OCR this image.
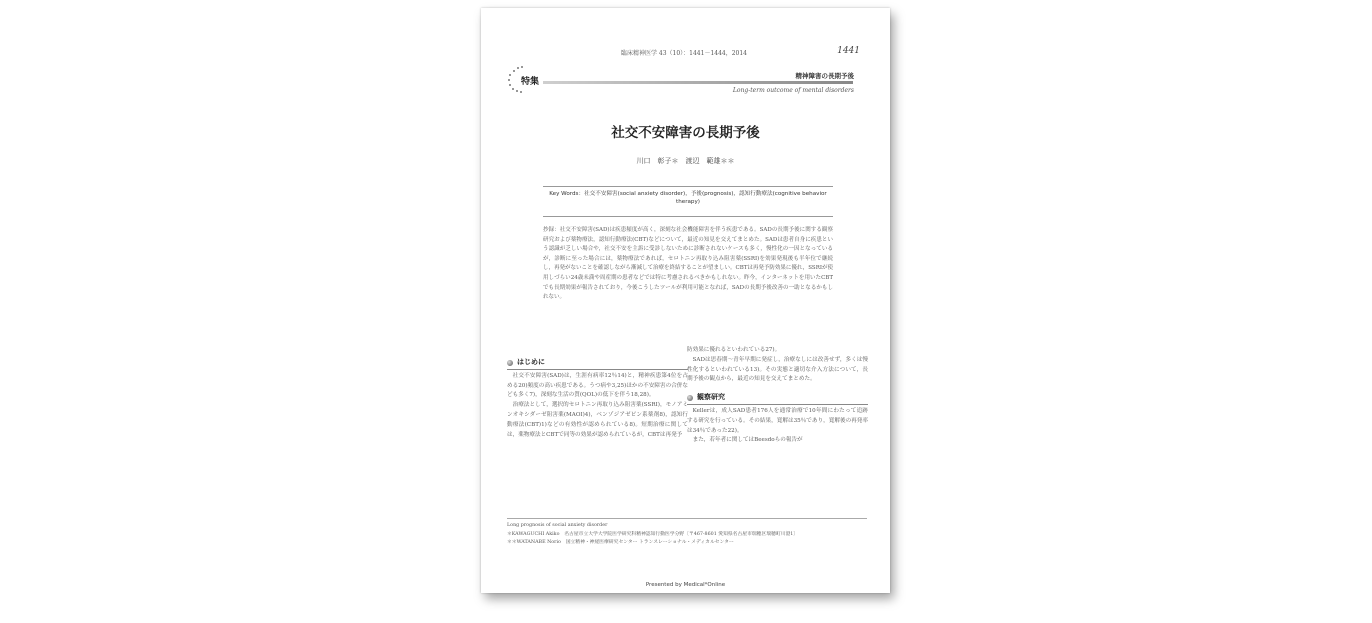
臨床精神医学 43（10）：1441－1444，2014	1441
特集
精神障害の長期予後
Long-term outcome of mental disorders
社交不安障害の長期予後
川口　彰子＊　渡辺　範雄＊＊
Key Words：社交不安障害(social anxiety disorder)，予後(prognosis)，認知行動療法(cognitive behavior therapy)
抄録：社交不安障害(SAD)は疾患頻度が高く，深刻な社会機能障害を伴う疾患である。SADの長期予後に関する観察研究および薬物療法，認知行動療法(CBT)などについて，最近の知見を交えてまとめた。SADは患者自身に疾患という認識が乏しい場合や，社交不安を主訴に受診しないために診断されないケースも多く，慢性化の一因となっているが，診断に至った場合には，薬物療法であれば，セロトニン再取り込み阻害薬(SSRI)を効果発現後も半年位で継続し，再発がないことを確認しながら漸減して治療を終結することが望ましい。CBTは再発予防効果に優れ，SSRIが使用しづらい24歳未満や周産期の患者などでは特に考慮されるべきかもしれない。昨今，インターネットを用いたCBTでも長期効果が報告されており，今後こうしたツールが利用可能となれば，SADの長期予後改善の一助となるかもしれない。
はじめに

社交不安障害(SAD)は，生涯有病率12％14)と，精神疾患第4位を占める20)頻度の高い疾患である。うつ病や3,25)ほかの不安障害の合併なども多く7)，深刻な生活の質(QOL)の低下を伴う18,28)。

治療法として，選択的セロトニン再取り込み阻害薬(SSRI)，モノアミンオキシダーゼ阻害薬(MAOI)4)，ベンゾジアゼピン系薬剤8)，認知行動療法(CBT)1)などの有効性が認められている8)。短期治療に関しては，薬物療法とCBTで同等の効果が認められているが，CBTは再発予

防効果に優れるといわれている27)。

SADは思春期～青年早期に発症し，治療なしには改善せず，多くは慢性化するといわれている13)。その実態と適切な介入方法について，長期予後の観点から，最近の知見を交えてまとめた。

観察研究

Kellerは，成人SAD患者176人を通常治療で10年間にわたって追跡する研究を行っている。その結果，寛解は35％であり，寛解後の再発率は34％であった22)。

また，若年者に関してはBeesdoらの報告が

Long prognosis of social anxiety disorder
＊KAWAGUCHI Akiko　名古屋市立大学大学院医学研究科精神認知行動医学分野〔〒467-8601 愛知県名古屋市瑞穂区瑞穂町川澄1〕
＊＊WATANABE Norio　国立精神・神経医療研究センター トランスレーショナル・メディカルセンター
Presented by Medical*Online
